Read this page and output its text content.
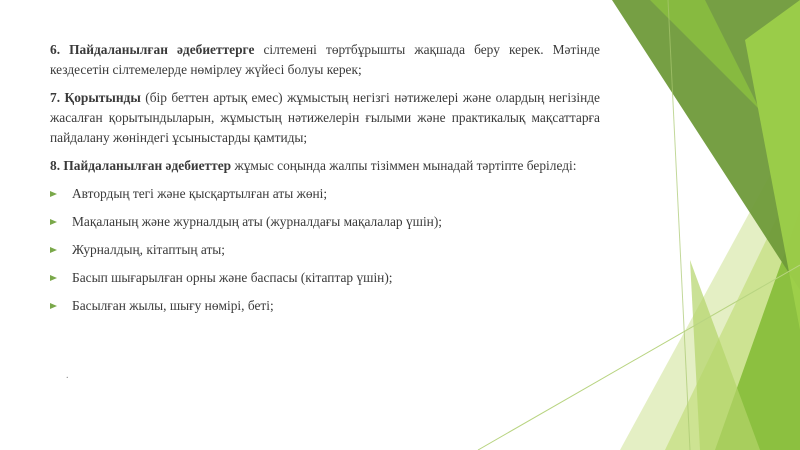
6. Пайдаланылған әдебиеттерге сілтемені төртбұрышты жақшада беру керек. Мәтінде кездесетін сілтемелерде нөмірлеу жүйесі болуы керек;

7. Қорытынды (бір беттен артық емес) жұмыстың негізгі нәтижелері және олардың негізінде жасалған қорытындыларын, жұмыстың нәтижелерін ғылыми және практикалық мақсаттарға пайдалану жөніндегі ұсыныстарды қамтиды;

8. Пайдаланылған әдебиеттер жұмыс соңында жалпы тізіммен мынадай тәртіпте беріледі:

Автордың тегі және қысқартылған аты жөні;
Мақаланың және журналдың аты (журналдағы мақалалар үшін);
Журналдың, кітаптың аты;
Басып шығарылған орны және баспасы (кітаптар үшін);
Басылған жылы, шығу нөмірі, беті;
.
